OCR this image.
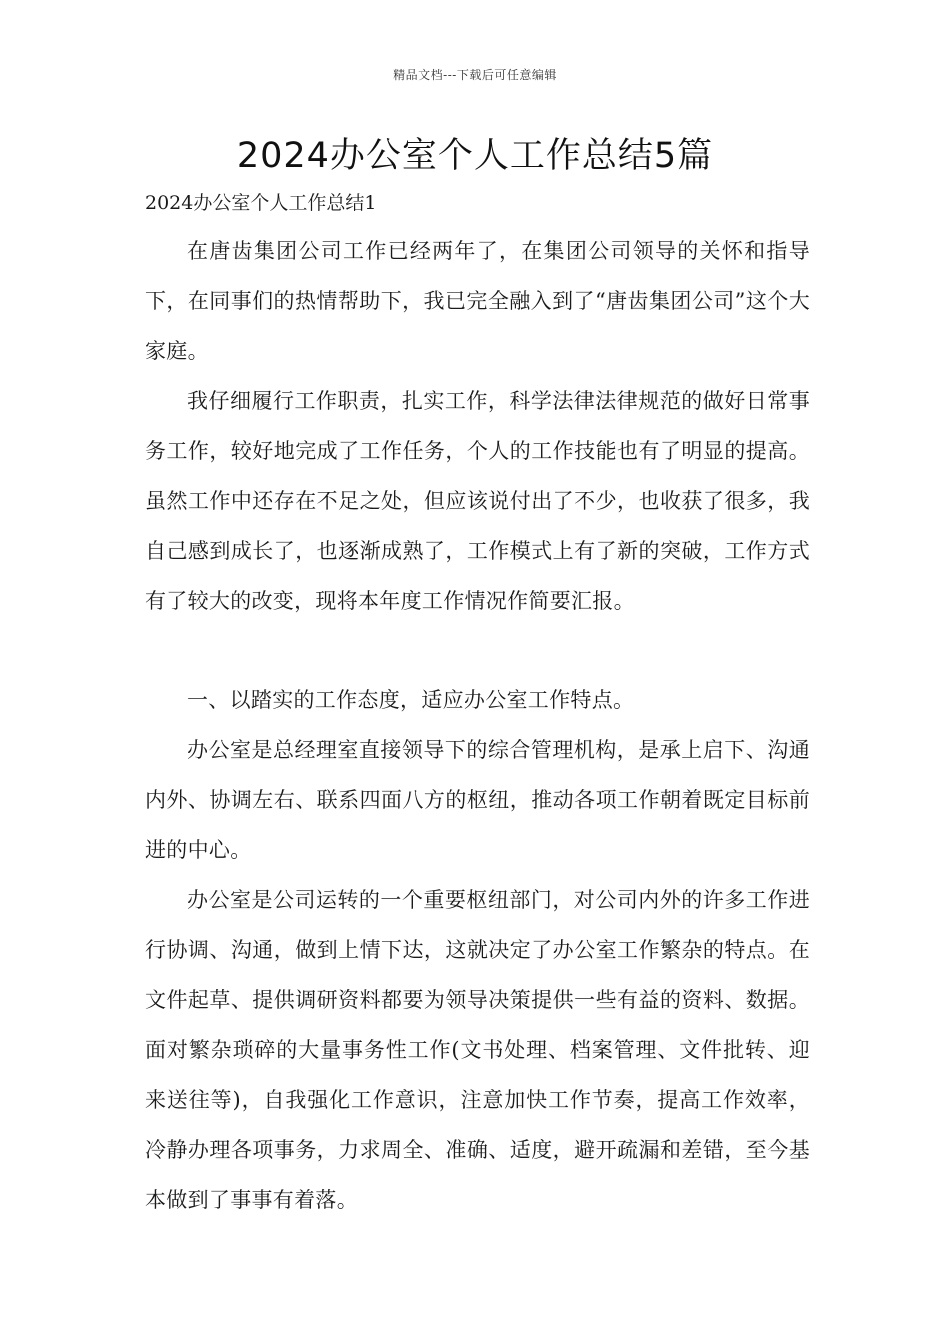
精品文档---下载后可任意编辑
2024办公室个人工作总结5篇
2024办公室个人工作总结1

在唐齿集团公司工作已经两年了，在集团公司领导的关怀和指导下，在同事们的热情帮助下，我已完全融入到了“唐齿集团公司”这个大家庭。

我仔细履行工作职责，扎实工作，科学法律法律规范的做好日常事务工作，较好地完成了工作任务，个人的工作技能也有了明显的提高。虽然工作中还存在不足之处，但应该说付出了不少，也收获了很多，我自己感到成长了，也逐渐成熟了，工作模式上有了新的突破，工作方式有了较大的改变，现将本年度工作情况作简要汇报。

一、以踏实的工作态度，适应办公室工作特点。

办公室是总经理室直接领导下的综合管理机构，是承上启下、沟通内外、协调左右、联系四面八方的枢纽，推动各项工作朝着既定目标前进的中心。

办公室是公司运转的一个重要枢纽部门，对公司内外的许多工作进行协调、沟通，做到上情下达，这就决定了办公室工作繁杂的特点。在文件起草、提供调研资料都要为领导决策提供一些有益的资料、数据。面对繁杂琐碎的大量事务性工作(文书处理、档案管理、文件批转、迎来送往等)，自我强化工作意识，注意加快工作节奏，提高工作效率，冷静办理各项事务，力求周全、准确、适度，避开疏漏和差错，至今基本做到了事事有着落。
